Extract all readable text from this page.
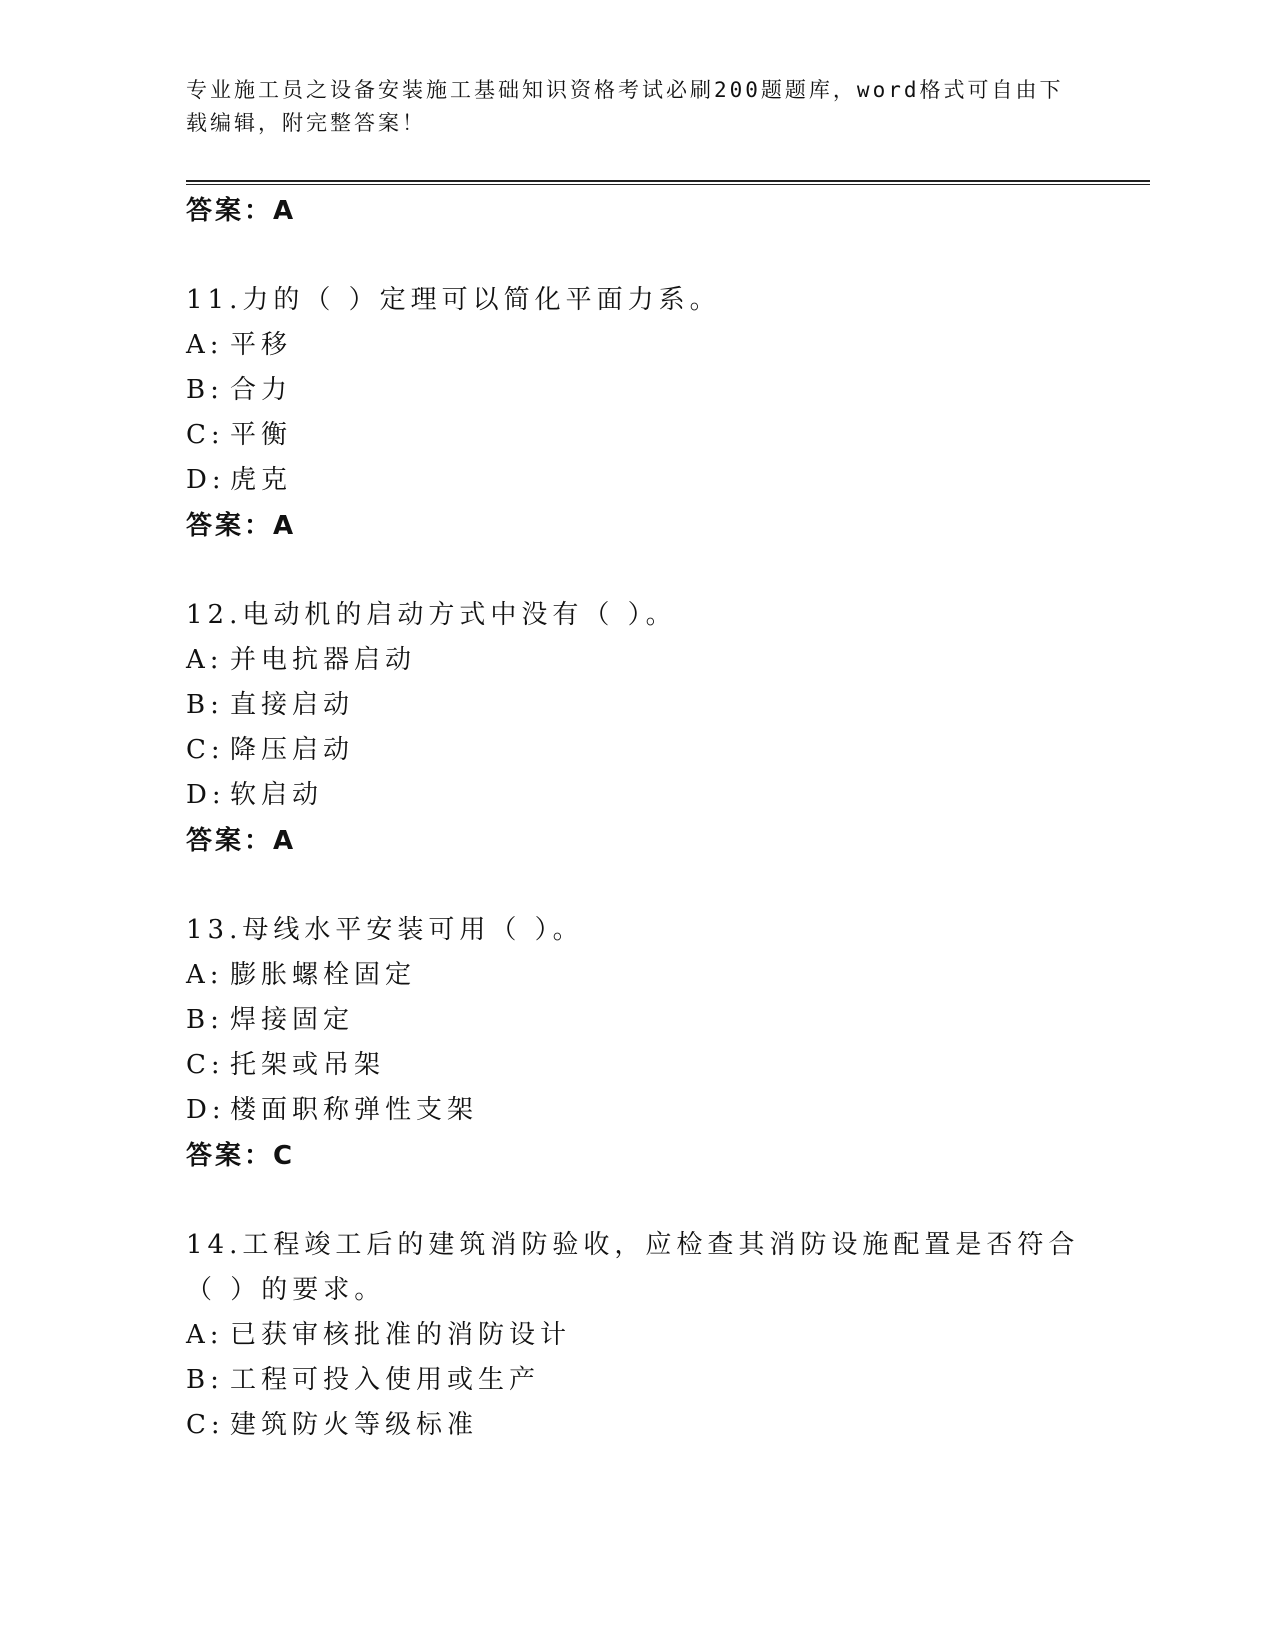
专业施工员之设备安装施工基础知识资格考试必刷200题题库，word格式可自由下载编辑，附完整答案！
答案：A
11.力的（ ）定理可以简化平面力系。
A: 平移
B: 合力
C: 平衡
D: 虎克
答案：A
12.电动机的启动方式中没有（ ）。
A: 并电抗器启动
B: 直接启动
C: 降压启动
D: 软启动
答案：A
13.母线水平安装可用（ ）。
A: 膨胀螺栓固定
B: 焊接固定
C: 托架或吊架
D: 楼面职称弹性支架
答案：C
14.工程竣工后的建筑消防验收，应检查其消防设施配置是否符合（ ）的要求。
A: 已获审核批准的消防设计
B: 工程可投入使用或生产
C: 建筑防火等级标准
